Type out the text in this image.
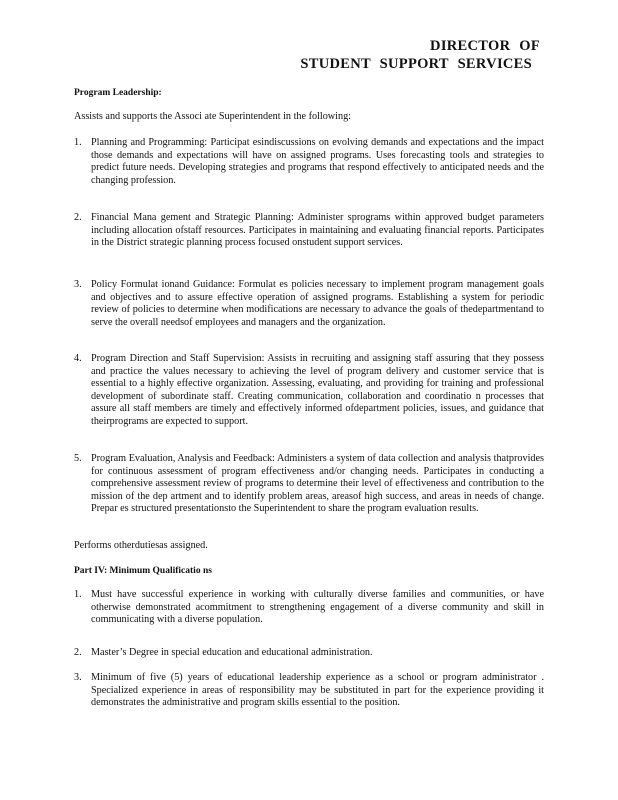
DIRECTOR OF
STUDENT SUPPORT SERVICES
Program Leadership:
Assists and supports the Associ ate Superintendent in the following:
1. Planning and Programming: Participat esindiscussions on evolving demands and expectations and the impact those demands and expectations will have on assigned programs. Uses forecasting tools and strategies to predict future needs. Developing strategies and programs that respond effectively to anticipated needs and the changing profession.
2. Financial Mana gement and Strategic Planning: Administer sprograms within approved budget parameters including allocation ofstaff resources. Participates in maintaining and evaluating financial reports. Participates in the District strategic planning process focused onstudent support services.
3. Policy Formulat ionand Guidance: Formulat es policies necessary to implement program management goals and objectives and to assure effective operation of assigned programs. Establishing a system for periodic review of policies to determine when modifications are necessary to advance the goals of thedepartmentand to serve the overall needsof employees and managers and the organization.
4. Program Direction and Staff Supervision: Assists in recruiting and assigning staff assuring that they possess and practice the values necessary to achieving the level of program delivery and customer service that is essential to a highly effective organization. Assessing, evaluating, and providing for training and professional development of subordinate staff. Creating communication, collaboration and coordinatio n processes that assure all staff members are timely and effectively informed ofdepartment policies, issues, and guidance that theirprograms are expected to support.
5. Program Evaluation, Analysis and Feedback: Administers a system of data collection and analysis thatprovides for continuous assessment of program effectiveness and/or changing needs. Participates in conducting a comprehensive assessment review of programs to determine their level of effectiveness and contribution to the mission of the dep artment and to identify problem areas, areasof high success, and areas in needs of change. Prepar es structured presentationsto the Superintendent to share the program evaluation results.
Performs otherdutiesas assigned.
Part IV: Minimum Qualificatio ns
1. Must have successful experience in working with culturally diverse families and communities, or have otherwise demonstrated acommitment to strengthening engagement of a diverse community and skill in communicating with a diverse population.
2. Master’s Degree in special education and educational administration.
3. Minimum of five (5) years of educational leadership experience as a school or program administrator . Specialized experience in areas of responsibility may be substituted in part for the experience providing it demonstrates the administrative and program skills essential to the position.
